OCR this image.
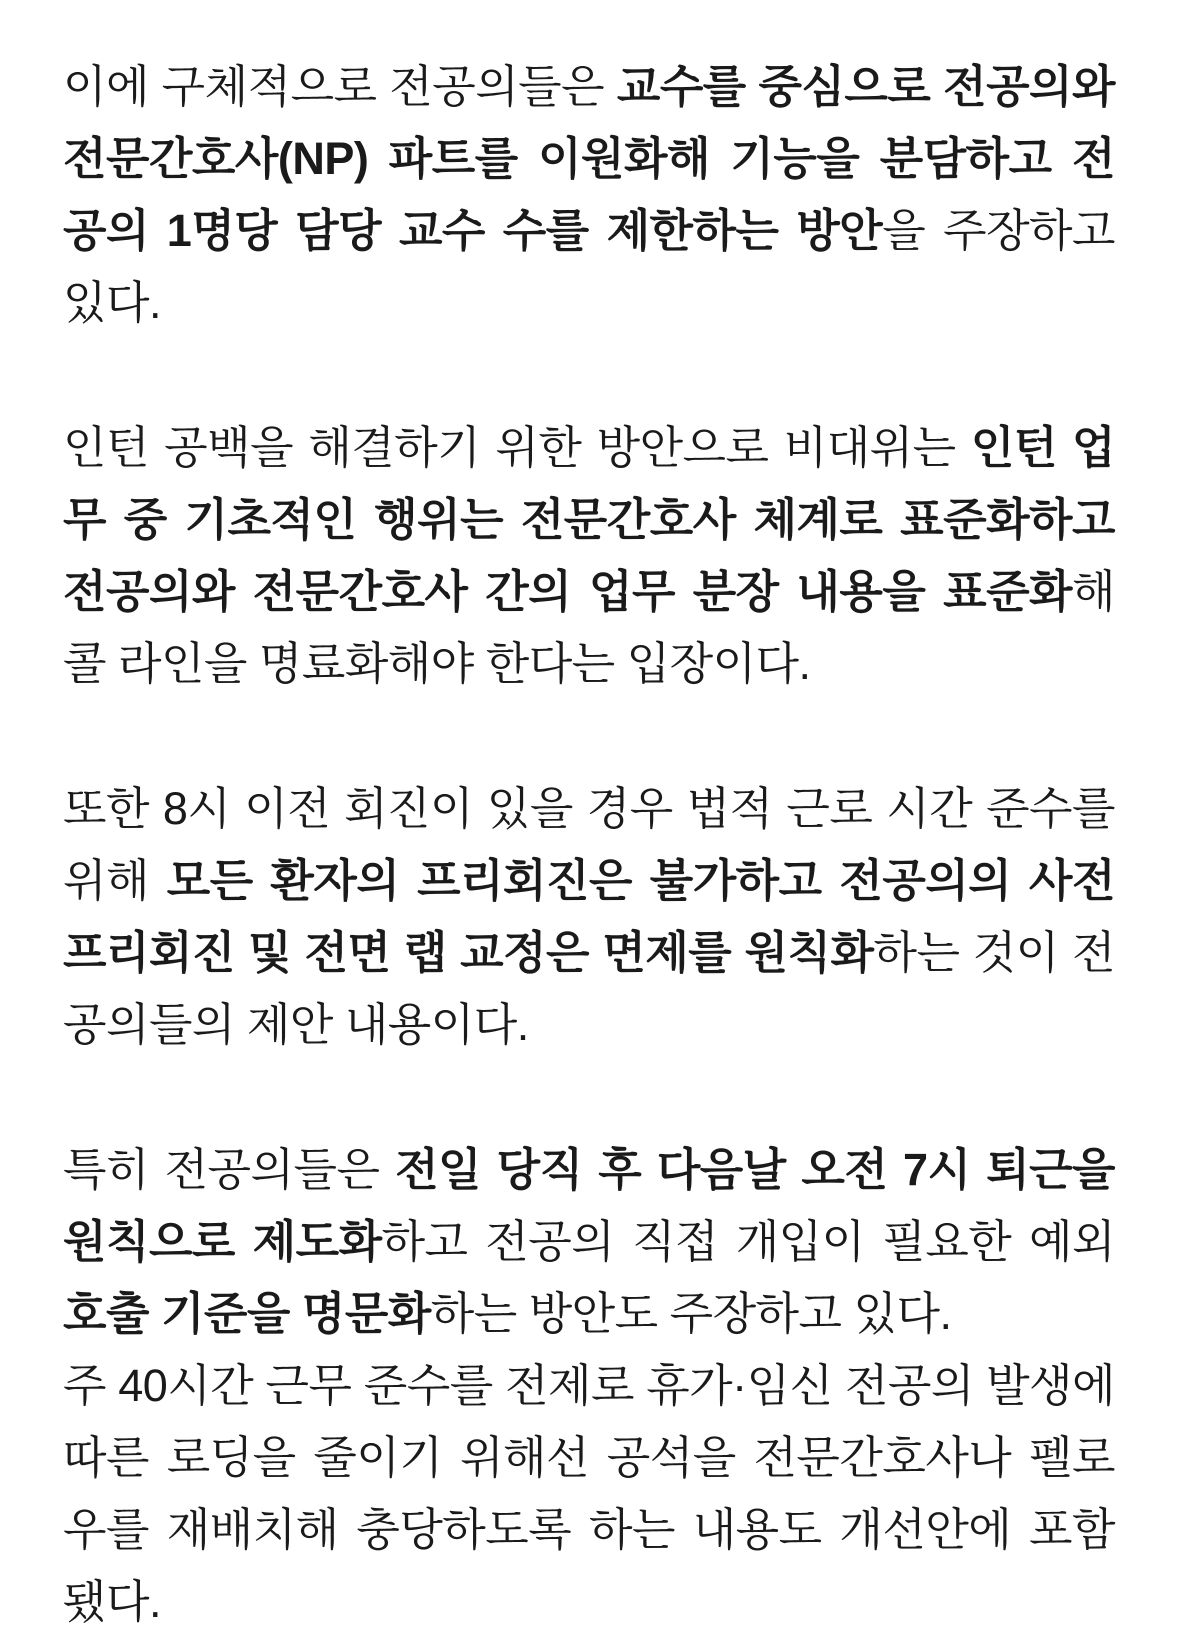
이에 구체적으로 전공의들은 교수를 중심으로 전공의와 전문간호사(NP) 파트를 이원화해 기능을 분담하고 전공의 1명당 담당 교수 수를 제한하는 방안을 주장하고 있다.

인턴 공백을 해결하기 위한 방안으로 비대위는 인턴 업무 중 기초적인 행위는 전문간호사 체계로 표준화하고 전공의와 전문간호사 간의 업무 분장 내용을 표준화해 콜 라인을 명료화해야 한다는 입장이다.

또한 8시 이전 회진이 있을 경우 법적 근로 시간 준수를 위해 모든 환자의 프리회진은 불가하고 전공의의 사전 프리회진 및 전면 랩 교정은 면제를 원칙화하는 것이 전공의들의 제안 내용이다.

특히 전공의들은 전일 당직 후 다음날 오전 7시 퇴근을 원칙으로 제도화하고 전공의 직접 개입이 필요한 예외 호출 기준을 명문화하는 방안도 주장하고 있다.

주 40시간 근무 준수를 전제로 휴가·임신 전공의 발생에 따른 로딩을 줄이기 위해선 공석을 전문간호사나 펠로우를 재배치해 충당하도록 하는 내용도 개선안에 포함됐다.
